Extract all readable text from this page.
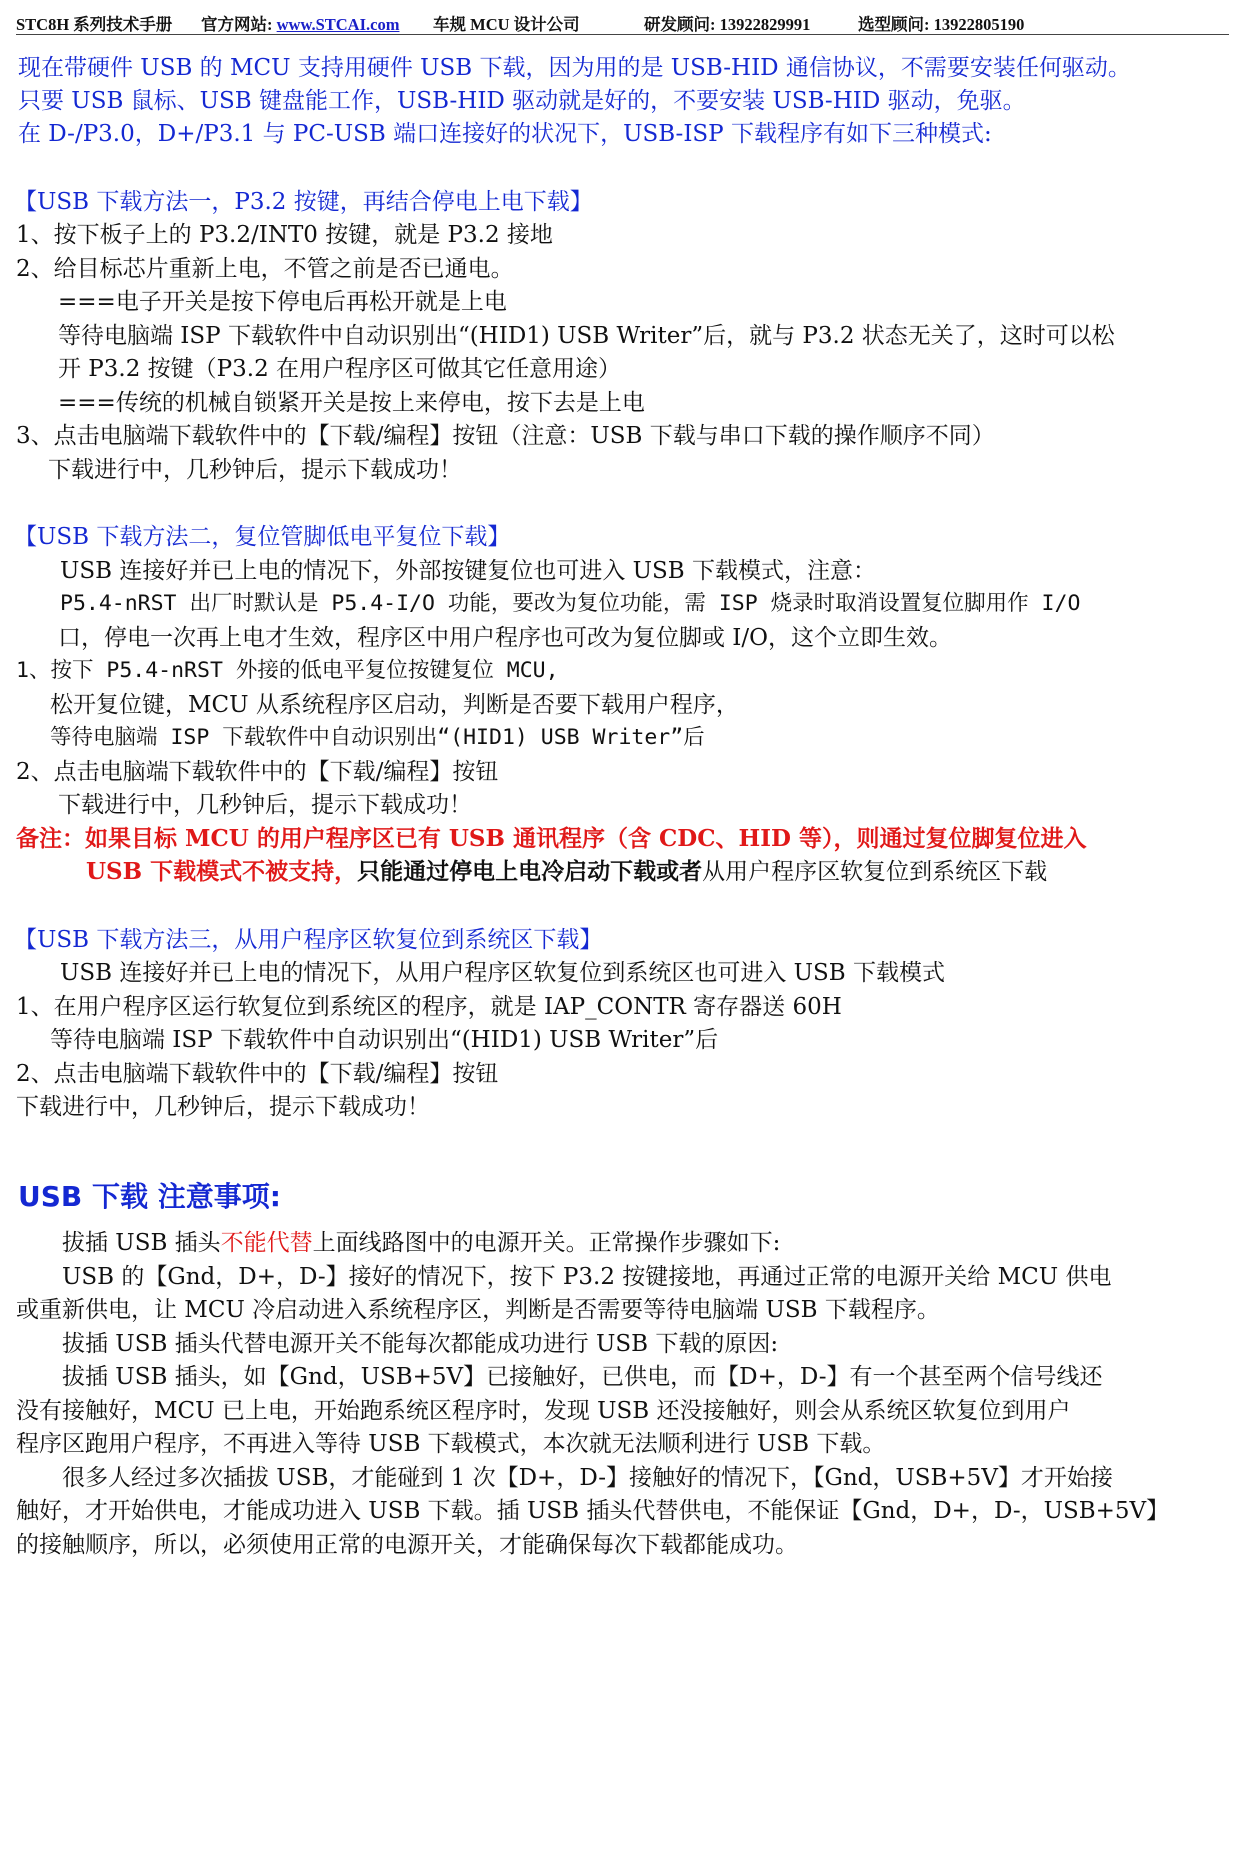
STC8H 系列技术手册 官方网站: www.STCAI.com 车规 MCU 设计公司	研发顾问: 13922829991	选型顾问: 13922805190
现在带硬件 USB 的 MCU 支持用硬件 USB 下载，因为用的是 USB-HID 通信协议，不需要安装任何驱动。
只要 USB 鼠标、USB 键盘能工作，USB-HID 驱动就是好的，不要安装 USB-HID 驱动，免驱。
在 D-/P3.0，D+/P3.1 与 PC-USB 端口连接好的状况下，USB-ISP 下载程序有如下三种模式:
【USB 下载方法一，P3.2 按键，再结合停电上电下载】
1、按下板子上的 P3.2/INT0 按键，就是 P3.2 接地
2、给目标芯片重新上电，不管之前是否已通电。
===电子开关是按下停电后再松开就是上电
等待电脑端 ISP 下载软件中自动识别出“(HID1) USB Writer”后，就与 P3.2 状态无关了，这时可以松
开 P3.2 按键（P3.2 在用户程序区可做其它任意用途）
===传统的机械自锁紧开关是按上来停电，按下去是上电
3、点击电脑端下载软件中的【下载/编程】按钮（注意：USB 下载与串口下载的操作顺序不同）
下载进行中，几秒钟后，提示下载成功！
【USB 下载方法二，复位管脚低电平复位下载】
USB 连接好并已上电的情况下，外部按键复位也可进入 USB 下载模式，注意：
P5.4-nRST 出厂时默认是 P5.4-I/O 功能，要改为复位功能，需 ISP 烧录时取消设置复位脚用作 I/O
口，停电一次再上电才生效，程序区中用户程序也可改为复位脚或 I/O，这个立即生效。
1、按下 P5.4-nRST 外接的低电平复位按键复位 MCU,
松开复位键，MCU 从系统程序区启动，判断是否要下载用户程序，
等待电脑端 ISP 下载软件中自动识别出“(HID1) USB Writer”后
2、点击电脑端下载软件中的【下载/编程】按钮
下载进行中，几秒钟后，提示下载成功！
备注：如果目标 MCU 的用户程序区已有 USB 通讯程序（含 CDC、HID 等），则通过复位脚复位进入
USB 下载模式不被支持，只能通过停电上电冷启动下载或者从用户程序区软复位到系统区下载
【USB 下载方法三，从用户程序区软复位到系统区下载】
USB 连接好并已上电的情况下，从用户程序区软复位到系统区也可进入 USB 下载模式
1、在用户程序区运行软复位到系统区的程序，就是 IAP_CONTR 寄存器送 60H
等待电脑端 ISP 下载软件中自动识别出“(HID1) USB Writer”后
2、点击电脑端下载软件中的【下载/编程】按钮
下载进行中，几秒钟后，提示下载成功！
USB 下载 注意事项:
拔插 USB 插头不能代替上面线路图中的电源开关。正常操作步骤如下:
USB 的【Gnd，D+，D-】接好的情况下，按下 P3.2 按键接地，再通过正常的电源开关给 MCU 供电
或重新供电，让 MCU 冷启动进入系统程序区，判断是否需要等待电脑端 USB 下载程序。
拔插 USB 插头代替电源开关不能每次都能成功进行 USB 下载的原因:
拔插 USB 插头，如【Gnd，USB+5V】已接触好，已供电，而【D+，D-】有一个甚至两个信号线还
没有接触好，MCU 已上电，开始跑系统区程序时，发现 USB 还没接触好，则会从系统区软复位到用户
程序区跑用户程序，不再进入等待 USB 下载模式，本次就无法顺利进行 USB 下载。
很多人经过多次插拔 USB，才能碰到 1 次【D+，D-】接触好的情况下，【Gnd，USB+5V】才开始接
触好，才开始供电，才能成功进入 USB 下载。插 USB 插头代替供电，不能保证【Gnd，D+，D-，USB+5V】
的接触顺序，所以，必须使用正常的电源开关，才能确保每次下载都能成功。
